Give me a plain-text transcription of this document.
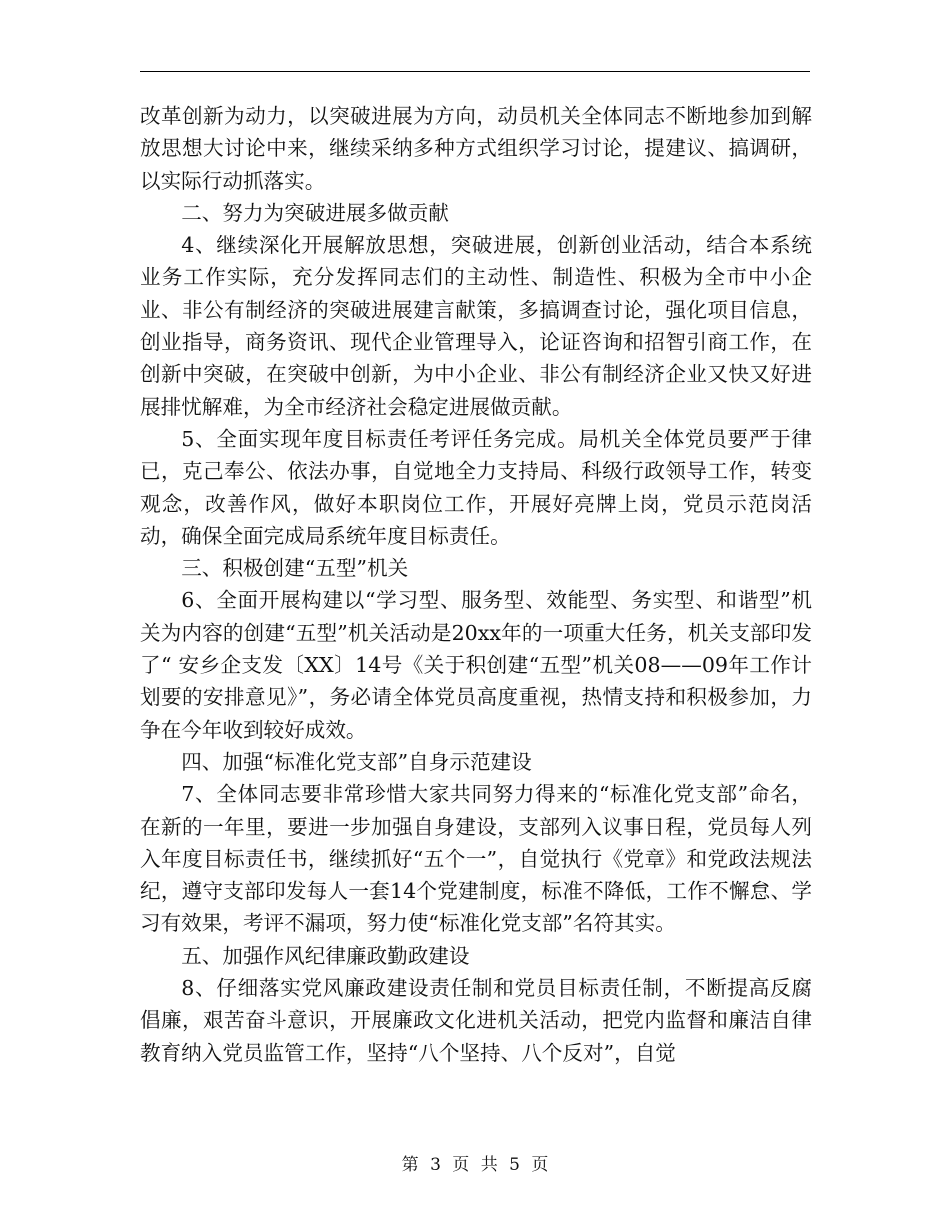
改革创新为动力，以突破进展为方向，动员机关全体同志不断地参加到解放思想大讨论中来，继续采纳多种方式组织学习讨论，提建议、搞调研，以实际行动抓落实。

二、努力为突破进展多做贡献

4、继续深化开展解放思想，突破进展，创新创业活动，结合本系统业务工作实际，充分发挥同志们的主动性、制造性、积极为全市中小企业、非公有制经济的突破进展建言献策，多搞调查讨论，强化项目信息，创业指导，商务资讯、现代企业管理导入，论证咨询和招智引商工作，在创新中突破，在突破中创新，为中小企业、非公有制经济企业又快又好进展排忧解难，为全市经济社会稳定进展做贡献。

5、全面实现年度目标责任考评任务完成。局机关全体党员要严于律已，克己奉公、依法办事，自觉地全力支持局、科级行政领导工作，转变观念，改善作风，做好本职岗位工作，开展好亮牌上岗，党员示范岗活动，确保全面完成局系统年度目标责任。

三、积极创建“五型”机关

6、全面开展构建以“学习型、服务型、效能型、务实型、和谐型”机关为内容的创建“五型”机关活动是20xx年的一项重大任务，机关支部印发了“ 安乡企支发〔XX〕14号《关于积创建“五型”机关08——09年工作计划要的安排意见》”，务必请全体党员高度重视，热情支持和积极参加，力争在今年收到较好成效。

四、加强“标准化党支部”自身示范建设

7、全体同志要非常珍惜大家共同努力得来的“标准化党支部”命名，在新的一年里，要进一步加强自身建设，支部列入议事日程，党员每人列入年度目标责任书，继续抓好“五个一”，自觉执行《党章》和党政法规法纪，遵守支部印发每人一套14个党建制度，标准不降低，工作不懈怠、学习有效果，考评不漏项，努力使“标准化党支部”名符其实。

五、加强作风纪律廉政勤政建设

8、仔细落实党风廉政建设责任制和党员目标责任制，不断提高反腐倡廉，艰苦奋斗意识，开展廉政文化进机关活动，把党内监督和廉洁自律教育纳入党员监管工作，坚持“八个坚持、八个反对”，自觉

第 3 页 共 5 页
